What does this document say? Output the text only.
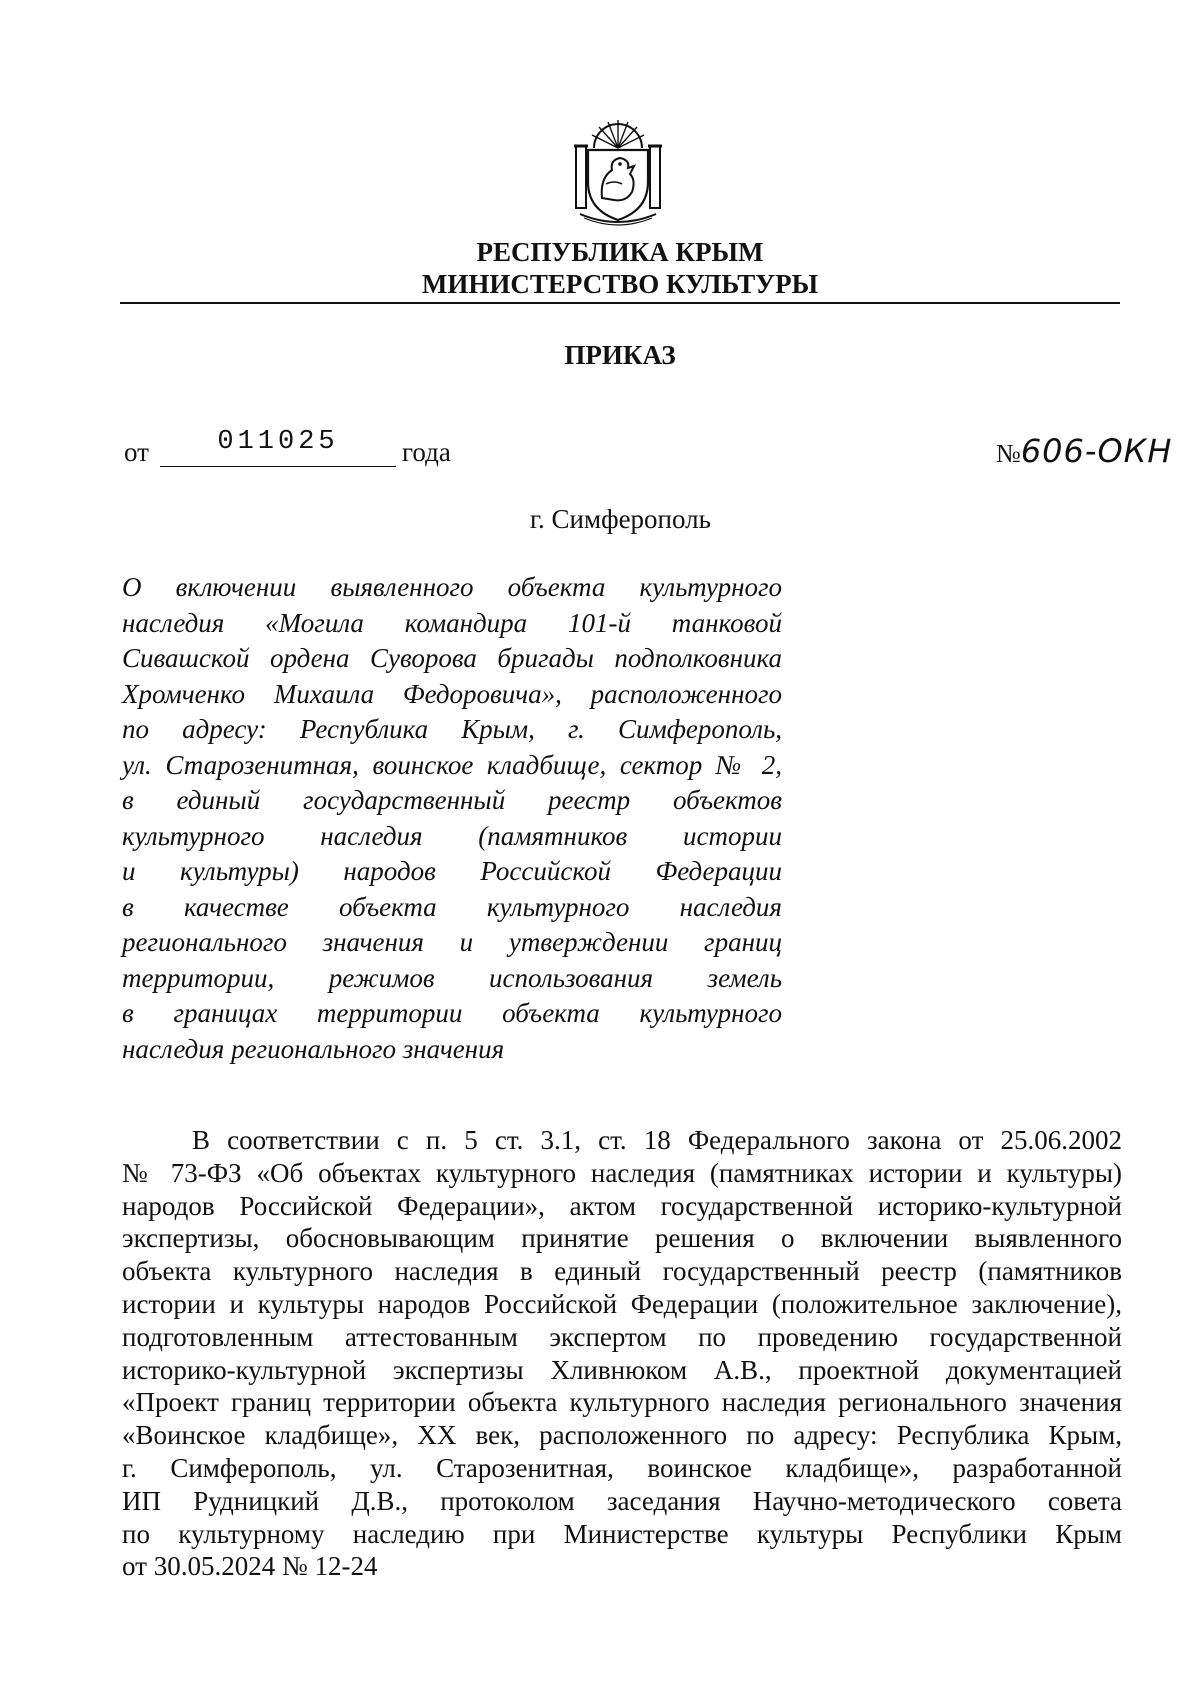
РЕСПУБЛИКА КРЫМ
МИНИСТЕРСТВО КУЛЬТУРЫ
ПРИКАЗ
от	011025	года	№606-ОКН
г. Симферополь
О включении выявленного объекта культурного
наследия «Могила командира 101-й танковой
Сивашской ордена Суворова бригады подполковника
Хромченко Михаила Федоровича», расположенного
по адресу: Республика Крым, г. Симферополь,
ул. Старозенитная, воинское кладбище, сектор № 2,
в единый государственный реестр объектов
культурного наследия (памятников истории
и культуры) народов Российской Федерации
в качестве объекта культурного наследия
регионального значения и утверждении границ
территории, режимов использования земель
в границах территории объекта культурного
наследия регионального значения
В соответствии с п. 5 ст. 3.1, ст. 18 Федерального закона от 25.06.2002
№ 73-ФЗ «Об объектах культурного наследия (памятниках истории и культуры)
народов Российской Федерации», актом государственной историко-культурной
экспертизы, обосновывающим принятие решения о включении выявленного
объекта культурного наследия в единый государственный реестр (памятников
истории и культуры народов Российской Федерации (положительное заключение),
подготовленным аттестованным экспертом по проведению государственной
историко-культурной экспертизы Хливнюком А.В., проектной документацией
«Проект границ территории объекта культурного наследия регионального значения
«Воинское кладбище», XX век, расположенного по адресу: Республика Крым,
г. Симферополь, ул. Старозенитная, воинское кладбище», разработанной
ИП Рудницкий Д.В., протоколом заседания Научно-методического совета
по культурному наследию при Министерстве культуры Республики Крым
от 30.05.2024 № 12-24
